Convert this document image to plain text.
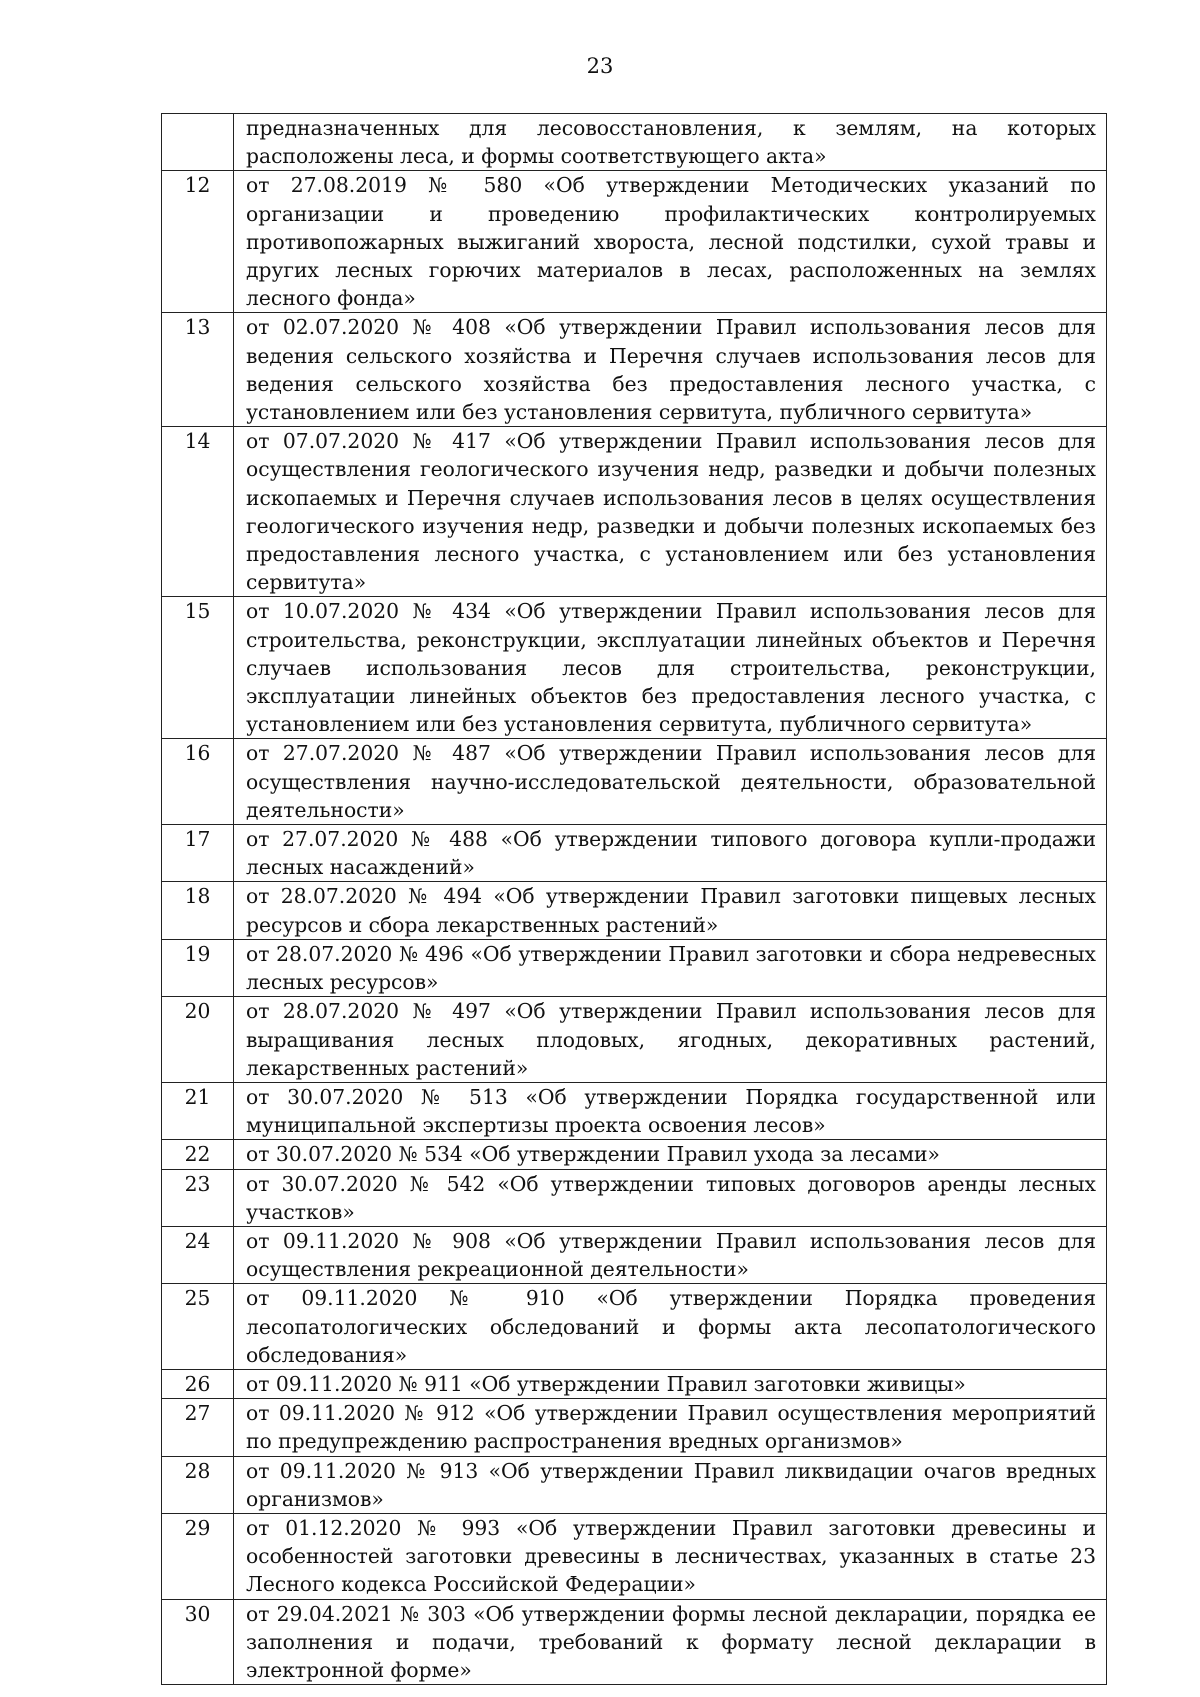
23
	предназначенных для лесовосстановления, к землям, на которых расположены леса, и формы соответствующего акта»
12	от 27.08.2019 № 580 «Об утверждении Методических указаний по организации и проведению профилактических контролируемых противопожарных выжиганий хвороста, лесной подстилки, сухой травы и других лесных горючих материалов в лесах, расположенных на землях лесного фонда»
13	от 02.07.2020 № 408 «Об утверждении Правил использования лесов для ведения сельского хозяйства и Перечня случаев использования лесов для ведения сельского хозяйства без предоставления лесного участка, с установлением или без установления сервитута, публичного сервитута»
14	от 07.07.2020 № 417 «Об утверждении Правил использования лесов для осуществления геологического изучения недр, разведки и добычи полезных ископаемых и Перечня случаев использования лесов в целях осуществления геологического изучения недр, разведки и добычи полезных ископаемых без предоставления лесного участка, с установлением или без установления сервитута»
15	от 10.07.2020 № 434 «Об утверждении Правил использования лесов для строительства, реконструкции, эксплуатации линейных объектов и Перечня случаев использования лесов для строительства, реконструкции, эксплуатации линейных объектов без предоставления лесного участка, с установлением или без установления сервитута, публичного сервитута»
16	от 27.07.2020 № 487 «Об утверждении Правил использования лесов для осуществления научно-исследовательской деятельности, образовательной деятельности»
17	от 27.07.2020 № 488 «Об утверждении типового договора купли-продажи лесных насаждений»
18	от 28.07.2020 № 494 «Об утверждении Правил заготовки пищевых лесных ресурсов и сбора лекарственных растений»
19	от 28.07.2020 № 496 «Об утверждении Правил заготовки и сбора недревесных лесных ресурсов»
20	от 28.07.2020 № 497 «Об утверждении Правил использования лесов для выращивания лесных плодовых, ягодных, декоративных растений, лекарственных растений»
21	от 30.07.2020 № 513 «Об утверждении Порядка государственной или муниципальной экспертизы проекта освоения лесов»
22	от 30.07.2020 № 534 «Об утверждении Правил ухода за лесами»
23	от 30.07.2020 № 542 «Об утверждении типовых договоров аренды лесных участков»
24	от 09.11.2020 № 908 «Об утверждении Правил использования лесов для осуществления рекреационной деятельности»
25	от 09.11.2020 № 910 «Об утверждении Порядка проведения лесопатологических обследований и формы акта лесопатологического обследования»
26	от 09.11.2020 № 911 «Об утверждении Правил заготовки живицы»
27	от 09.11.2020 № 912 «Об утверждении Правил осуществления мероприятий по предупреждению распространения вредных организмов»
28	от 09.11.2020 № 913 «Об утверждении Правил ликвидации очагов вредных организмов»
29	от 01.12.2020 № 993 «Об утверждении Правил заготовки древесины и особенностей заготовки древесины в лесничествах, указанных в статье 23 Лесного кодекса Российской Федерации»
30	от 29.04.2021 № 303 «Об утверждении формы лесной декларации, порядка ее заполнения и подачи, требований к формату лесной декларации в электронной форме»
